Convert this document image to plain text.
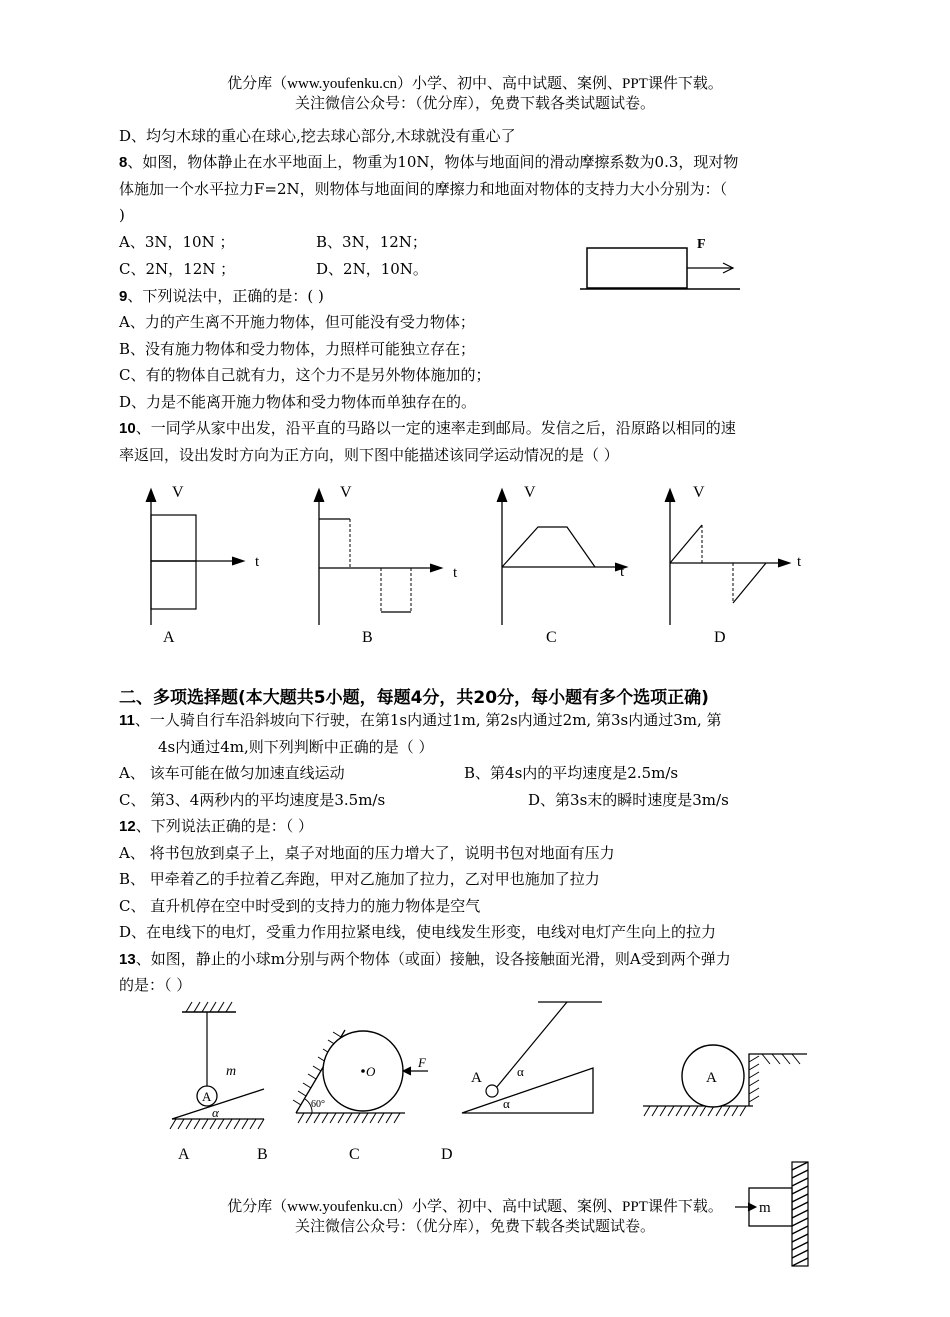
优分库（www.youfenku.cn）小学、初中、高中试题、案例、PPT课件下载。
关注微信公众号：（优分库），免费下载各类试题试卷。
D、均匀木球的重心在球心,挖去球心部分,木球就没有重心了
8、如图，物体静止在水平地面上，物重为10N，物体与地面间的滑动摩擦系数为0.3，现对物
体施加一个水平拉力F=2N，则物体与地面间的摩擦力和地面对物体的支持力大小分别为：（
)
A、3N，10N ；	B、3N，12N；
C、2N，12N ；	D、2N，10N。
F
9、下列说法中，正确的是：( )
A、力的产生离不开施力物体，但可能没有受力物体；
B、没有施力物体和受力物体，力照样可能独立存在；
C、有的物体自己就有力，这个力不是另外物体施加的；
D、力是不能离开施力物体和受力物体而单独存在的。
10、一同学从家中出发，沿平直的马路以一定的速率走到邮局。发信之后，沿原路以相同的速
率返回，设出发时方向为正方向，则下图中能描述该同学运动情况的是（ ）
V
t
A
V
t
B
V
t
C
V
t
D
二、多项选择题(本大题共5小题，每题4分，共20分，每小题有多个选项正确)
11、一人骑自行车沿斜坡向下行驶，在第1s内通过1m, 第2s内通过2m, 第3s内通过3m, 第
4s内通过4m,则下列判断中正确的是（ ）
A、 该车可能在做匀加速直线运动	B、第4s内的平均速度是2.5m/s
C、 第3、4两秒内的平均速度是3.5m/s	D、第3s末的瞬时速度是3m/s
12、下列说法正确的是：（ ）
A、 将书包放到桌子上，桌子对地面的压力增大了，说明书包对地面有压力
B、 甲牵着乙的手拉着乙奔跑，甲对乙施加了拉力，乙对甲也施加了拉力
C、 直升机停在空中时受到的支持力的施力物体是空气
D、在电线下的电灯，受重力作用拉紧电线，使电线发生形变，电线对电灯产生向上的拉力
13、如图，静止的小球m分别与两个物体（或面）接触，设各接触面光滑，则A受到两个弹力
的是：（ ）
A
m
α
O
F
60°
A	α
α
A
A	B	C	D
优分库（www.youfenku.cn）小学、初中、高中试题、案例、PPT课件下载。
关注微信公众号：（优分库），免费下载各类试题试卷。
m
